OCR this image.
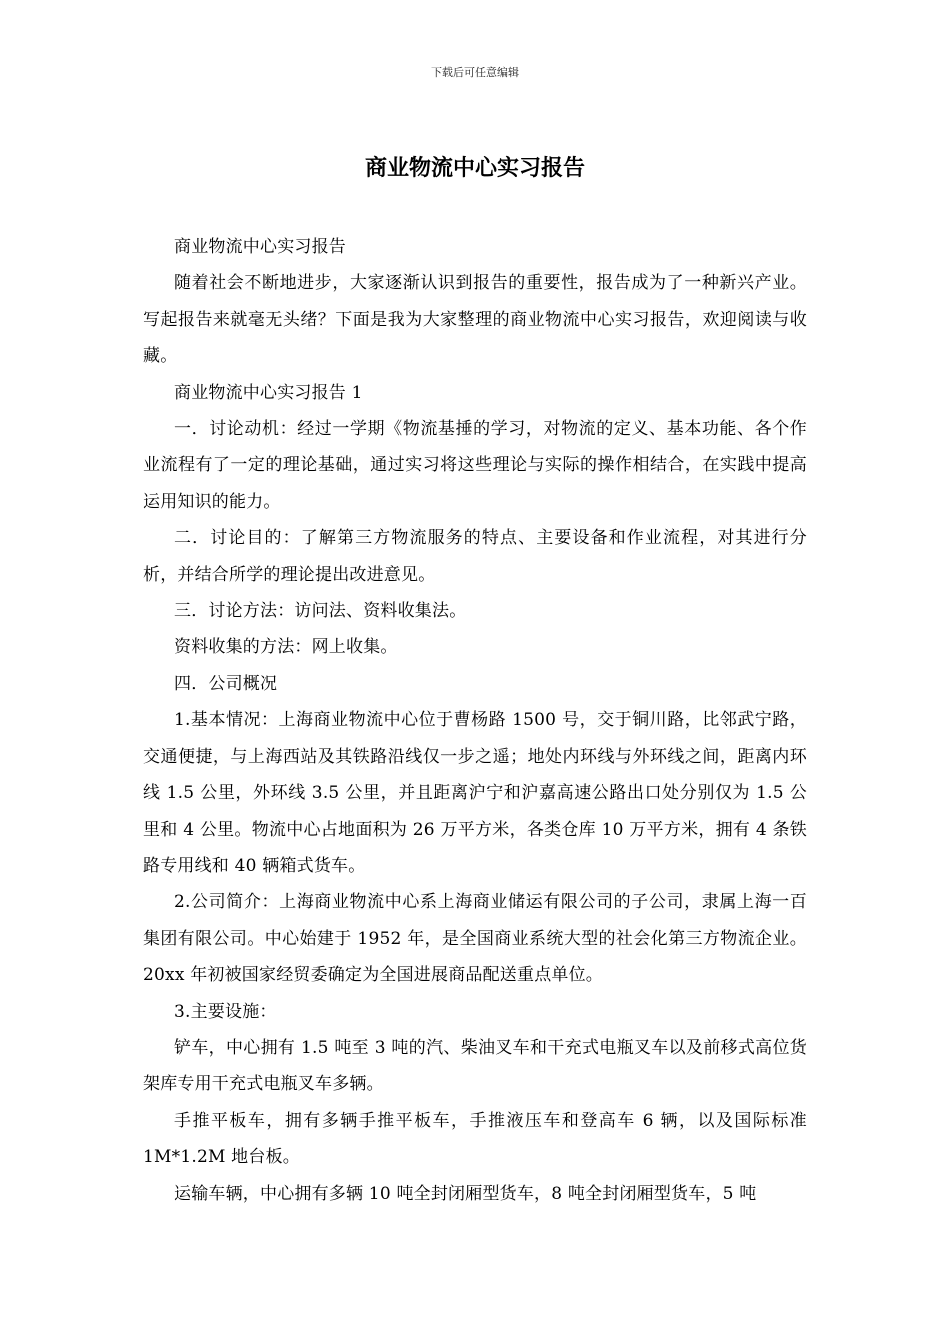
下载后可任意编辑
商业物流中心实习报告

商业物流中心实习报告

随着社会不断地进步，大家逐渐认识到报告的重要性，报告成为了一种新兴产业。写起报告来就毫无头绪？下面是我为大家整理的商业物流中心实习报告，欢迎阅读与收藏。

商业物流中心实习报告 1

一．讨论动机：经过一学期《物流基捶的学习，对物流的定义、基本功能、各个作业流程有了一定的理论基础，通过实习将这些理论与实际的操作相结合，在实践中提高运用知识的能力。

二．讨论目的：了解第三方物流服务的特点、主要设备和作业流程，对其进行分析，并结合所学的理论提出改进意见。

三．讨论方法：访问法、资料收集法。

资料收集的方法：网上收集。

四．公司概况

1.基本情况：上海商业物流中心位于曹杨路 1500 号，交于铜川路，比邻武宁路，交通便捷，与上海西站及其铁路沿线仅一步之遥；地处内环线与外环线之间，距离内环线 1.5 公里，外环线 3.5 公里，并且距离沪宁和沪嘉高速公路出口处分别仅为 1.5 公里和 4 公里。物流中心占地面积为 26 万平方米，各类仓库 10 万平方米，拥有 4 条铁路专用线和 40 辆箱式货车。

2.公司简介：上海商业物流中心系上海商业储运有限公司的子公司，隶属上海一百集团有限公司。中心始建于 1952 年，是全国商业系统大型的社会化第三方物流企业。20xx 年初被国家经贸委确定为全国进展商品配送重点单位。

3.主要设施：

铲车，中心拥有 1.5 吨至 3 吨的汽、柴油叉车和干充式电瓶叉车以及前移式高位货架库专用干充式电瓶叉车多辆。

手推平板车，拥有多辆手推平板车，手推液压车和登高车 6 辆，以及国际标准 1M*1.2M 地台板。

运输车辆，中心拥有多辆 10 吨全封闭厢型货车，8 吨全封闭厢型货车，5 吨
